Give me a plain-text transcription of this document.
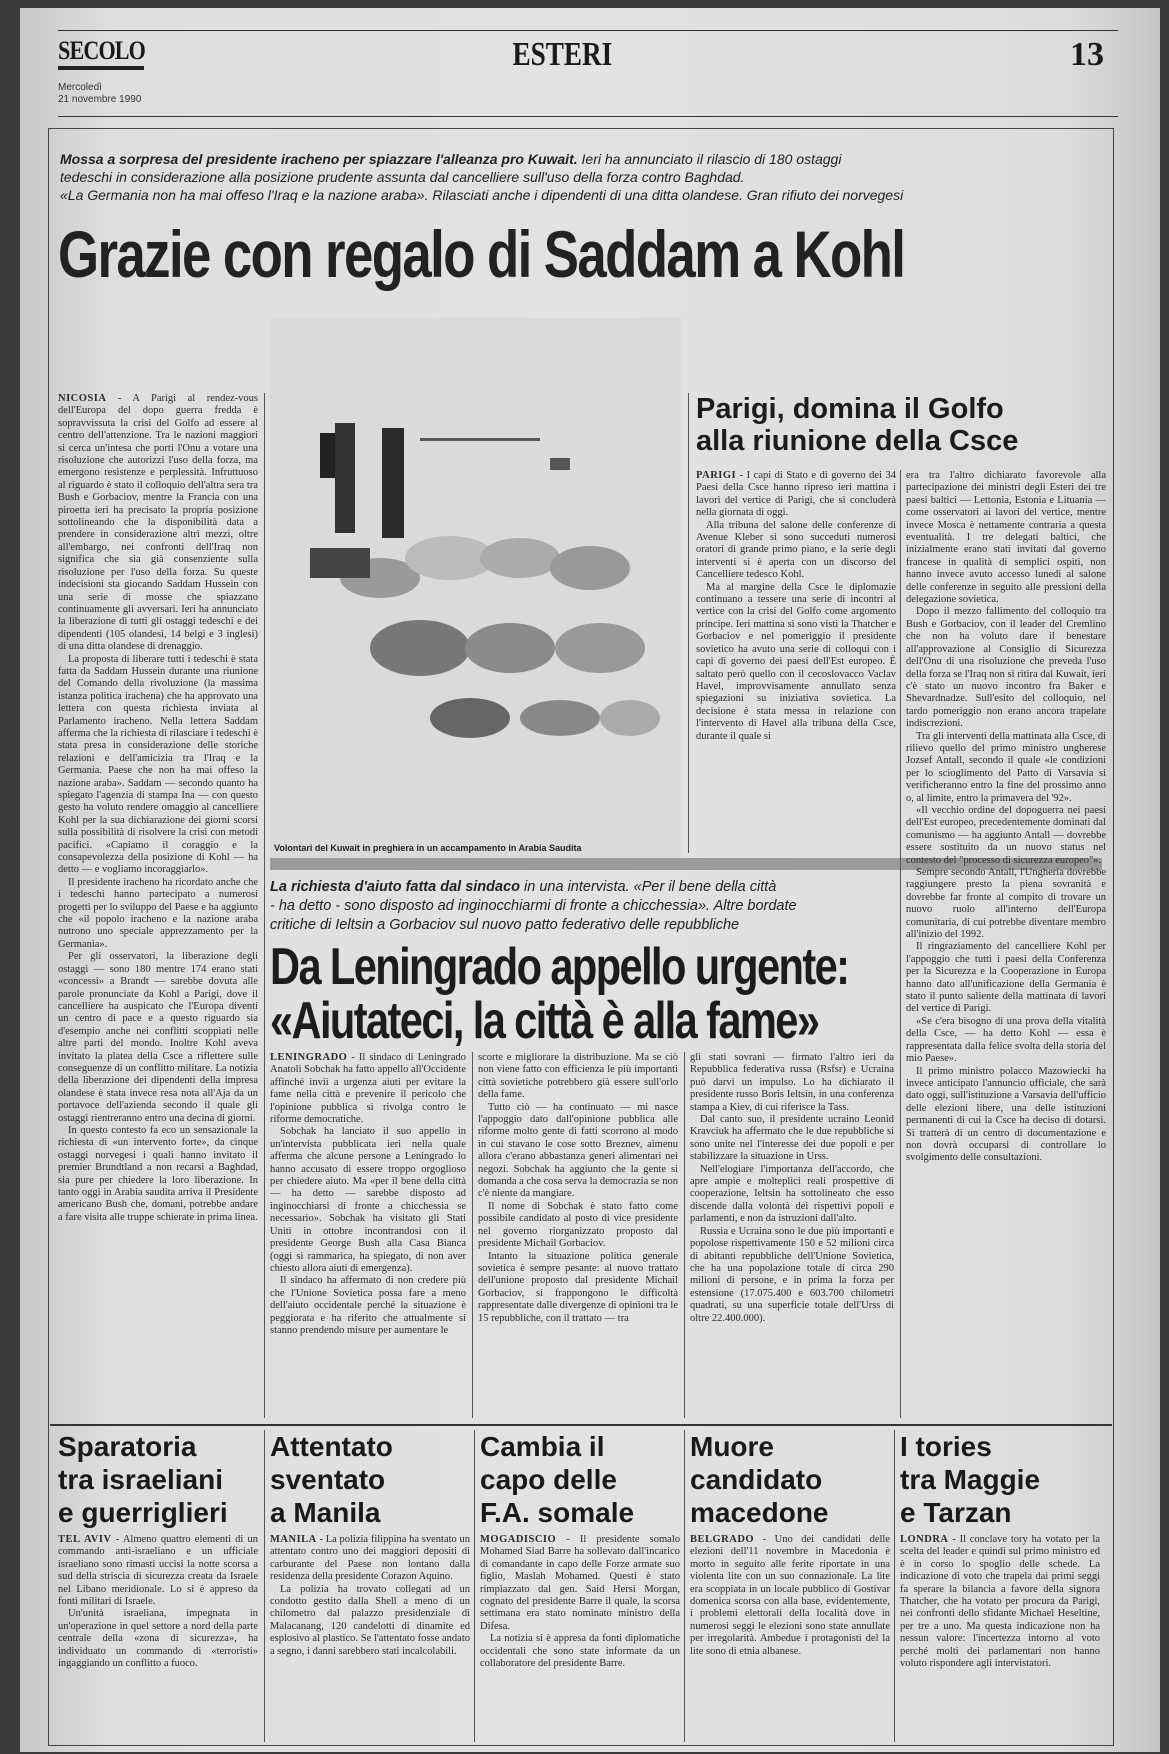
SECOLO
Mercoledì
21 novembre 1990
ESTERI	13
Mossa a sorpresa del presidente iracheno per spiazzare l'alleanza pro Kuwait. Ieri ha annunciato il rilascio di 180 ostaggi
tedeschi in considerazione alla posizione prudente assunta dal cancelliere sull'uso della forza contro Baghdad.
«La Germania non ha mai offeso l'Iraq e la nazione araba». Rilasciati anche i dipendenti di una ditta olandese. Gran rifiuto dei norvegesi
Grazie con regalo di Saddam a Kohl

NICOSIA - A Parigi al rendez-vous dell'Europa del dopo guerra fredda è sopravvissuta la crisi del Golfo ad essere al centro dell'attenzione. Tra le nazioni maggiori si cerca un'intesa che porti l'Onu a votare una risoluzione che autorizzi l'uso della forza, ma emergono resistenze e perplessità. Infruttuoso al riguardo è stato il colloquio dell'altra sera tra Bush e Gorbaciov, mentre la Francia con una piroetta ieri ha precisato la propria posizione sottolineando che la disponibilità data a prendere in considerazione altri mezzi, oltre all'embargo, nei confronti dell'Iraq non significa che sia già consenziente sulla risoluzione per l'uso della forza. Su queste indecisioni sta giocando Saddam Hussein con una serie di mosse che spiazzano continuamente gli avversari. Ieri ha annunciato la liberazione di tutti gli ostaggi tedeschi e dei dipendenti (105 olandesi, 14 belgi e 3 inglesi) di una ditta olandese di drenaggio.

La proposta di liberare tutti i tedeschi è stata fatta da Saddam Hussein durante una riunione del Comando della rivoluzione (la massima istanza politica irachena) che ha approvato una lettera con questa richiesta inviata al Parlamento iracheno. Nella lettera Saddam afferma che la richiesta di rilasciare i tedeschi è stata presa in considerazione delle storiche relazioni e dell'amicizia tra l'Iraq e la Germania. Paese che non ha mai offeso la nazione araba». Saddam — secondo quanto ha spiegato l'agenzia di stampa Ina — con questo gesto ha voluto rendere omaggio al cancelliere Kohl per la sua dichiarazione dei giorni scorsi sulla possibilità di risolvere la crisi con metodi pacifici. «Capiamo il coraggio e la consapevolezza della posizione di Kohl — ha detto — e vogliamo incoraggiarlo».

Il presidente iracheno ha ricordato anche che i tedeschi hanno partecipato a numerosi progetti per lo sviluppo del Paese e ha aggiunto che «il popolo iracheno e la nazione araba nutrono uno speciale apprezzamento per la Germania».

Per gli osservatori, la liberazione degli ostaggi — sono 180 mentre 174 erano stati «concessi» a Brandt — sarebbe dovuta alle parole pronunciate da Kohl a Parigi, dove il cancelliere ha auspicato che l'Europa diventi un centro di pace e a questo riguardo sia d'esempio anche nei conflitti scoppiati nelle altre parti del mondo. Inoltre Kohl aveva invitato la platea della Csce a riflettere sulle conseguenze di un conflitto militare. La notizia della liberazione dei dipendenti della impresa olandese è stata invece resa nota all'Aja da un portavoce dell'azienda secondo il quale gli ostaggi rientreranno entro una decina di giorni.

In questo contesto fa eco un sensazionale la richiesta di «un intervento forte», da cinque ostaggi norvegesi i quali hanno invitato il premier Brundtland a non recarsi a Baghdad, sia pure per chiedere la loro liberazione. In tanto oggi in Arabia saudita arriva il Presidente americano Bush che, domani, potrebbe andare a fare visita alle truppe schierate in prima linea.

Volontari del Kuwait in preghiera in un accampamento in Arabia Saudita
Parigi, domina il Golfo
alla riunione della Csce

PARIGI - I capi di Stato e di governo dei 34 Paesi della Csce hanno ripreso ieri mattina i lavori del vertice di Parigi, che si concluderà nella giornata di oggi.

Alla tribuna del salone delle conferenze di Avenue Kleber si sono succeduti numerosi oratori di grande primo piano, e la serie degli interventi si è aperta con un discorso del Cancelliere tedesco Kohl.

Ma al margine della Csce le diplomazie continuano a tessere una serie di incontri al vertice con la crisi del Golfo come argomento principe. Ieri mattina si sono visti la Thatcher e Gorbaciov e nel pomeriggio il presidente sovietico ha avuto una serie di colloqui con i capi di governo dei paesi dell'Est europeo. È saltato però quello con il cecoslovacco Vaclav Havel, improvvisamente annullato senza spiegazioni su iniziativa sovietica. La decisione è stata messa in relazione con l'intervento di Havel alla tribuna della Csce, durante il quale si

era tra l'altro dichiarato favorevole alla partecipazione dei ministri degli Esteri dei tre paesi baltici — Lettonia, Estonia e Lituania — come osservatori ai lavori del vertice, mentre invece Mosca è nettamente contraria a questa eventualità. I tre delegati baltici, che inizialmente erano stati invitati dal governo francese in qualità di semplici ospiti, non hanno invece avuto accesso lunedì al salone delle conferenze in seguito alle pressioni della delegazione sovietica.

Dopo il mezzo fallimento del colloquio tra Bush e Gorbaciov, con il leader del Cremlino che non ha voluto dare il benestare all'approvazione al Consiglio di Sicurezza dell'Onu di una risoluzione che preveda l'uso della forza se l'Iraq non si ritira dal Kuwait, ieri c'è stato un nuovo incontro fra Baker e Shevardnadze. Sull'esito del colloquio, nel tardo pomeriggio non erano ancora trapelate indiscrezioni.

Tra gli interventi della mattinata alla Csce, di rilievo quello del primo ministro ungherese Jozsef Antall, secondo il quale «le condizioni per lo scioglimento del Patto di Varsavia si verificheranno entro la fine del prossimo anno o, al limite, entro la primavera del '92».

«Il vecchio ordine del dopoguerra nei paesi dell'Est europeo, precedentemente dominati dal comunismo — ha aggiunto Antall — dovrebbe essere sostituito da un nuovo status nel contesto del "processo di sicurezza europeo"».

Sempre secondo Antall, l'Ungheria dovrebbe raggiungere presto la piena sovranità e dovrebbe far fronte al compito di trovare un nuovo ruolo all'interno dell'Europa comunitaria, di cui potrebbe diventare membro all'inizio del 1992.

Il ringraziamento del cancelliere Kohl per l'appoggio che tutti i paesi della Conferenza per la Sicurezza e la Cooperazione in Europa hanno dato all'unificazione della Germania è stato il punto saliente della mattinata di lavori del vertice di Parigi.

«Se c'era bisogno di una prova della vitalità della Csce, — ha detto Kohl — essa è rappresentata dalla felice svolta della storia del mio Paese».

Il primo ministro polacco Mazowiecki ha invece anticipato l'annuncio ufficiale, che sarà dato oggi, sull'istituzione a Varsavia dell'ufficio delle elezioni libere, una delle istituzioni permanenti di cui la Csce ha deciso di dotarsi. Si tratterà di un centro di documentazione e non dovrà occuparsi di controllare lo svolgimento delle consultazioni.

La richiesta d'aiuto fatta dal sindaco in una intervista. «Per il bene della città
- ha detto - sono disposto ad inginocchiarmi di fronte a chicchessia». Altre bordate
critiche di Ieltsin a Gorbaciov sul nuovo patto federativo delle repubbliche
Da Leningrado appello urgente:
«Aiutateci, la città è alla fame»

LENINGRADO - Il sindaco di Leningrado Anatoli Sobchak ha fatto appello all'Occidente affinché invii a urgenza aiuti per evitare la fame nella città e prevenire il pericolo che l'opinione pubblica si rivolga contro le riforme democratiche.

Sobchak ha lanciato il suo appello in un'intervista pubblicata ieri nella quale afferma che alcune persone a Leningrado lo hanno accusato di essere troppo orgoglioso per chiedere aiuto. Ma «per il bene della città — ha detto — sarebbe disposto ad inginocchiarsi di fronte a chicchessia se necessario». Sobchak ha visitato gli Stati Uniti in ottobre incontrandosi con il presidente George Bush alla Casa Bianca (oggi si rammarica, ha spiegato, di non aver chiesto allora aiuti di emergenza).

Il sindaco ha affermato di non credere più che l'Unione Sovietica possa fare a meno dell'aiuto occidentale perché la situazione è peggiorata e ha riferito che attualmente si stanno prendendo misure per aumentare le

scorte e migliorare la distribuzione. Ma se ciò non viene fatto con efficienza le più importanti città sovietiche potrebbero già essere sull'orlo della fame.

Tutto ciò — ha continuato — mi nasce l'appoggio dato dall'opinione pubblica alle riforme molto gente di fatti scorrono al modo in cui stavano le cose sotto Breznev, aimenu allora c'erano abbastanza generi alimentari nei negozi. Sobchak ha aggiunto che la gente si domanda a che cosa serva la democrazia se non c'è niente da mangiare.

Il nome di Sobchak è stato fatto come possibile candidato al posto di vice presidente nel governo riorganizzato proposto dal presidente Michail Gorbaciov.

Intanto la situazione politica generale sovietica è sempre pesante: al nuovo trattato dell'unione proposto dal presidente Michail Gorbaciov, si frappongono le difficoltà rappresentate dalle divergenze di opinioni tra le 15 repubbliche, con il trattato — tra

gli stati sovrani — firmato l'altro ieri da Repubblica federativa russa (Rsfsr) e Ucraina può darvi un impulso. Lo ha dichiarato il presidente russo Boris Ieltsin, in una conferenza stampa a Kiev, di cui riferisce la Tass.

Dal canto suo, il presidente ucraino Leonid Kravciuk ha affermato che le due repubbliche si sono unite nel l'interesse dei due popoli e per stabilizzare la situazione in Urss.

Nell'elogiare l'importanza dell'accordo, che apre ampie e molteplici reali prospettive di cooperazione, Ieltsin ha sottolineato che esso discende dalla volontà dei rispettivi popoli e parlamenti, e non da istruzioni dall'alto.

Russia e Ucraina sono le due più importanti e popolose rispettivamente 150 e 52 milioni circa di abitanti repubbliche dell'Unione Sovietica, che ha una popolazione totale di circa 290 milioni di persone, e in prima la forza per estensione (17.075.400 e 603.700 chilometri quadrati, su una superficie totale dell'Urss di oltre 22.400.000).

Sparatoria
tra israeliani
e guerriglieri

TEL AVIV - Almeno quattro elementi di un commando anti-israeliano e un ufficiale israeliano sono rimasti uccisi la notte scorsa a sud della striscia di sicurezza creata da Israele nel Libano meridionale. Lo si è appreso da fonti militari di Israele.

Un'unità israeliana, impegnata in un'operazione in quel settore a nord della parte centrale della «zona di sicurezza», ha individuato un commando di «terroristi» ingaggiando un conflitto a fuoco.

Attentato
sventato
a Manila

MANILA - La polizia filippina ha sventato un attentato contro uno dei maggiori depositi di carburante del Paese non lontano dalla residenza della presidente Corazon Aquino.

La polizia ha trovato collegati ad un condotto gestito dalla Shell a meno di un chilometro dal palazzo presidenziale di Malacanang, 120 candelotti di dinamite ed esplosivo al plastico. Se l'attentato fosse andato a segno, i danni sarebbero stati incalcolabili.

Cambia il
capo delle
F.A. somale

MOGADISCIO - Il presidente somalo Mohamed Siad Barre ha sollevato dall'incarico di comandante in capo delle Forze armate suo figlio, Maslah Mohamed. Questi è stato rimpiazzato dal gen. Said Hersi Morgan, cognato del presidente Barre il quale, la scorsa settimana era stato nominato ministro della Difesa.

La notizia si è appresa da fonti diplomatiche occidentali che sono state informate da un collaboratore del presidente Barre.

Muore
candidato
macedone

BELGRADO - Uno dei candidati delle elezioni dell'11 novembre in Macedonia è morto in seguito alle ferite riportate in una violenta lite con un suo connazionale. La lite era scoppiata in un locale pubblico di Gostivar domenica scorsa con alla base, evidentemente, i problemi elettorali della località dove in numerosi seggi le elezioni sono state annullate per irregolarità. Ambedue i protagonisti del la lite sono di etnia albanese.

I tories
tra Maggie
e Tarzan

LONDRA - Il conclave tory ha votato per la scelta del leader e quindi sul primo ministro ed è in corso lo spoglio delle schede. La indicazione di voto che trapela dai primi seggi fa sperare la bilancia a favore della signora Thatcher, che ha votato per procura da Parigi, nei confronti dello sfidante Michael Heseltine, per tre a uno. Ma questa indicazione non ha nessun valore: l'incertezza intorno al voto perché molti dei parlamentari non hanno voluto rispondere agli intervistatori.
